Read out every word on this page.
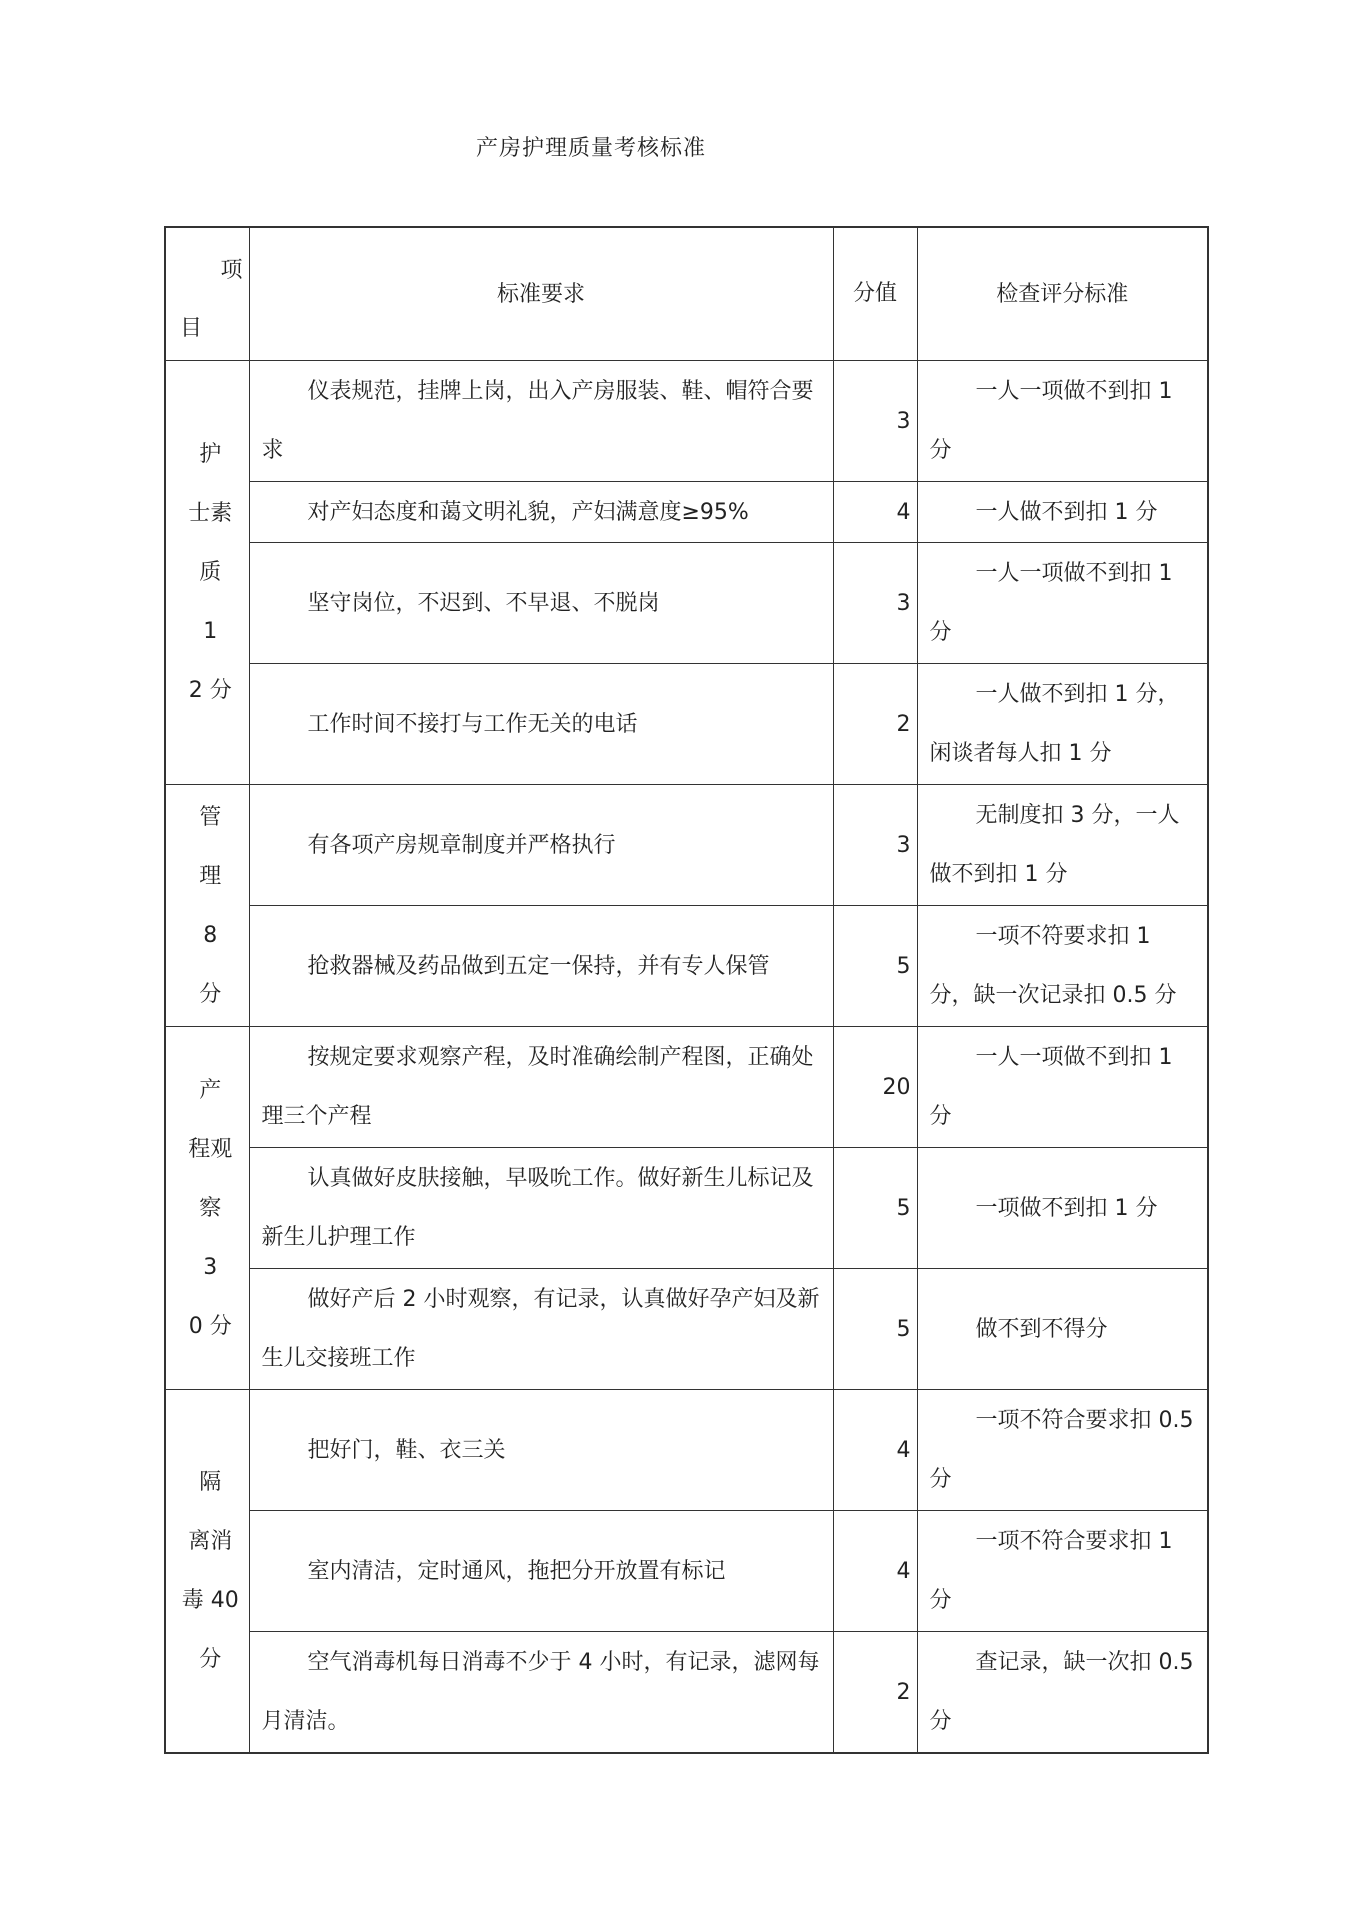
产房护理质量考核标准
项
目	标准要求	分值	检查评分标准

护
士素
质
1
2 分	仪表规范，挂牌上岗，出入产房服装、鞋、帽符合要求	3	一人一项做不到扣 1 分
	对产妇态度和蔼文明礼貌，产妇满意度≥95%	4	一人做不到扣 1 分
	坚守岗位，不迟到、不早退、不脱岗	3	一人一项做不到扣 1 分
	工作时间不接打与工作无关的电话	2	一人做不到扣 1 分，闲谈者每人扣 1 分

管
理
8
分	有各项产房规章制度并严格执行	3	无制度扣 3 分，一人做不到扣 1 分
	抢救器械及药品做到五定一保持，并有专人保管	5	一项不符要求扣 1 分，缺一次记录扣 0.5 分

产
程观
察
3
0 分	按规定要求观察产程，及时准确绘制产程图，正确处理三个产程	20	一人一项做不到扣 1 分
	认真做好皮肤接触，早吸吮工作。做好新生儿标记及新生儿护理工作	5	一项做不到扣 1 分
	做好产后 2 小时观察，有记录，认真做好孕产妇及新生儿交接班工作	5	做不到不得分

隔
离消
毒 40
分	把好门，鞋、衣三关	4	一项不符合要求扣 0.5 分
	室内清洁，定时通风，拖把分开放置有标记	4	一项不符合要求扣 1 分
	空气消毒机每日消毒不少于 4 小时，有记录，滤网每月清洁。	2	查记录，缺一次扣 0.5 分
